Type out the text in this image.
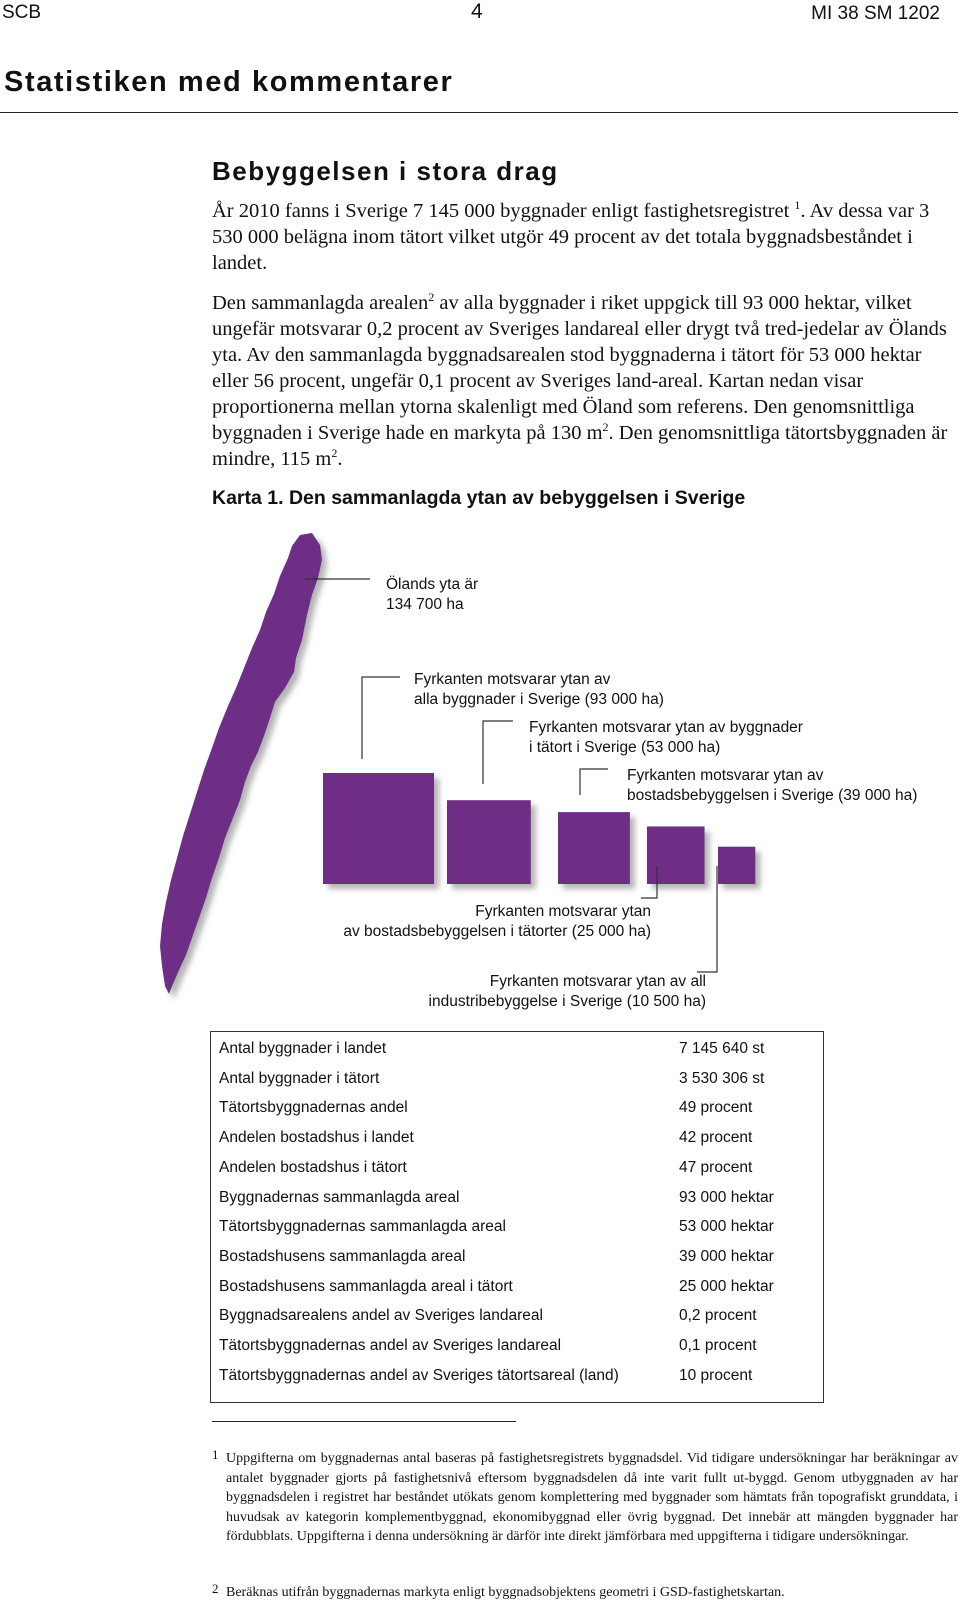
SCB	4	MI 38 SM 1202
Statistiken med kommentarer
Bebyggelsen i stora drag
År 2010 fanns i Sverige 7 145 000 byggnader enligt fastighetsregistret $^1$. Av dessa var 3 530 000 belägna inom tätort vilket utgör 49 procent av det totala byggnadsbeståndet i landet.
Den sammanlagda arealen$^2$ av alla byggnader i riket uppgick till 93 000 hektar, vilket ungefär motsvarar 0,2 procent av Sveriges landareal eller drygt två tred-jedelar av Ölands yta. Av den sammanlagda byggnadsarealen stod byggnaderna i tätort för 53 000 hektar eller 56 procent, ungefär 0,1 procent av Sveriges land-areal. Kartan nedan visar proportionerna mellan ytorna skalenligt med Öland som referens. Den genomsnittliga byggnaden i Sverige hade en markyta på 130 $m^2$. Den genomsnittliga tätortsbyggnaden är mindre, 115 $m^2$.
Karta 1. Den sammanlagda ytan av bebyggelsen i Sverige
Ölands yta är
134 700 ha
Fyrkanten motsvarar ytan av
alla byggnader i Sverige (93 000 ha)
Fyrkanten motsvarar ytan av byggnader
i tätort i Sverige (53 000 ha)
Fyrkanten motsvarar ytan av
bostadsbebyggelsen i Sverige (39 000 ha)
Fyrkanten motsvarar ytan
av bostadsbebyggelsen i tätorter (25 000 ha)
Fyrkanten motsvarar ytan av all
industribebyggelse i Sverige (10 500 ha)
Antal byggnader i landet	7 145 640 st
Antal byggnader i tätort	3 530 306 st
Tätortsbyggnadernas andel	49 procent
Andelen bostadshus i landet	42 procent
Andelen bostadshus i tätort	47 procent
Byggnadernas sammanlagda areal	93 000 hektar
Tätortsbyggnadernas sammanlagda areal	53 000 hektar
Bostadshusens sammanlagda areal	39 000 hektar
Bostadshusens sammanlagda areal i tätort	25 000 hektar
Byggnadsarealens andel av Sveriges landareal	0,2 procent
Tätortsbyggnadernas andel av Sveriges landareal	0,1 procent
Tätortsbyggnadernas andel av Sveriges tätortsareal (land)	10 procent
1 Uppgifterna om byggnadernas antal baseras på fastighetsregistrets byggnadsdel. Vid tidigare undersökningar har beräkningar av antalet byggnader gjorts på fastighetsnivå eftersom byggnadsdelen då inte varit fullt ut-byggd. Genom utbyggnaden av har byggnadsdelen i registret har beståndet utökats genom komplettering med byggnader som hämtats från topografiskt grunddata, i huvudsak av kategorin komplementbyggnad, ekonomibyggnad eller övrig byggnad. Det innebär att mängden byggnader har fördubblats. Uppgifterna i denna undersökning är därför inte direkt jämförbara med uppgifterna i tidigare undersökningar.
2 Beräknas utifrån byggnadernas markyta enligt byggnadsobjektens geometri i GSD-fastighetskartan.
